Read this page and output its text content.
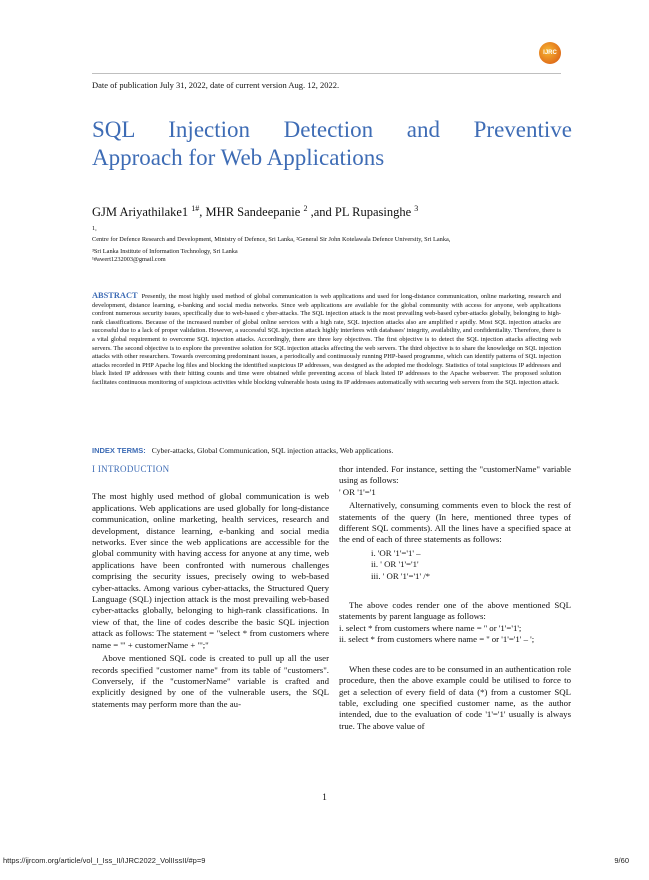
IJRC
Date of publication July 31, 2022, date of current version Aug. 12, 2022.
SQL Injection Detection and Preventive
Approach for Web Applications
GJM Ariyathilake1 $^{1\#}$, MHR Sandeepanie $^2$ ,and PL Rupasinghe $^3$
1,
Centre for Defence Research and Development, Ministry of Defence, Sri Lanka, ²General Sir John Kotelawala Defence University, Sri Lanka,
³Sri Lanka Institute of Information Technology, Sri Lanka
¹#awert1232003@gmail.com

ABSTRACT Presently, the most highly used method of global communication is web applications and used for long-distance communication, online marketing, research and development, distance learning, e-banking and social media networks. Since web applications are available for the global community with access for anyone, web applications confront numerous security issues, specifically due to web-based c yber-attacks. The SQL injection attack is the most prevailing web-based cyber-attacks globally, belonging to high-rank classifications. Because of the increased number of global online services with a high rate, SQL injection attacks also are amplified r apidly. Most SQL injection attacks are successful due to a lack of proper validation. However, a successful SQL injection attack highly interferes with databases' integrity, availability, and confidentiality. Therefore, there is a vital global requirement to overcome SQL injection attacks. Accordingly, there are three key objectives. The first objective is to detect the SQL injection attacks affecting web servers. The second objective is to explore the preventive solution for SQL injection attacks affecting the web servers. The third objective is to share the knowledge on SQL injection attacks with other researchers. Towards overcoming predominant issues, a periodically and continuously running PHP-based programme, which can identify patterns of SQL injection attacks recorded in PHP Apache log files and blocking the identified suspicious IP addresses, was designed as the adopted me thodology. Statistics of total suspicious IP addresses and black listed IP addresses with their hitting counts and time were obtained while preventing access of black listed IP addresses to the Apache webserver. The proposed solution facilitates continuous monitoring of suspicious activities while blocking vulnerable hosts using its IP addresses automatically with securing web servers from the SQL injection attack.

INDEX TERMS: Cyber-attacks, Global Communication, SQL injection attacks, Web applications.
I INTRODUCTION

The most highly used method of global communication is web applications. Web applications are used globally for long-distance communication, online marketing, health services, research and development, distance learning, e-banking and social media networks. Ever since the web applications are accessible for the global community with having access for anyone at any time, web applications have been confronted with numerous challenges comprising the security issues, precisely owing to web-based cyber-attacks. Among various cyber-attacks, the Structured Query Language (SQL) injection attack is the most prevailing web-based cyber-attacks globally, belonging to high-rank classifications. In view of that, the line of codes describe the basic SQL injection attack as follows: The statement = "select * from customers where name = '" + customerName + "';"

Above mentioned SQL code is created to pull up all the user records specified "customer name" from its table of "customers". Conversely, if the "customerName" variable is crafted and explicitly designed by one of the vulnerable users, the SQL statements may perform more than the au-

thor intended. For instance, setting the "customerName" variable using as follows:

' OR '1'='1

Alternatively, consuming comments even to block the rest of statements of the query (In here, mentioned three types of different SQL comments). All the lines have a specified space at the end of each of three statements as follows:

i. 'OR '1'='1' –
ii. ' OR '1'='1'
iii. ' OR '1'='1' /*

The above codes render one of the above mentioned SQL statements by parent language as follows:

i. select * from customers where name = '' or '1'='1';

ii. select * from customers where name = '' or '1'='1' – ';

When these codes are to be consumed in an authentication role procedure, then the above example could be utilised to force to get a selection of every field of data (*) from a customer SQL table, excluding one specified customer name, as the author intended, due to the evaluation of code '1'='1' usually is always true. The above value of

1
https://ijrcom.org/article/vol_I_Iss_II/IJRC2022_VolIIssII/#p=9	9/60
